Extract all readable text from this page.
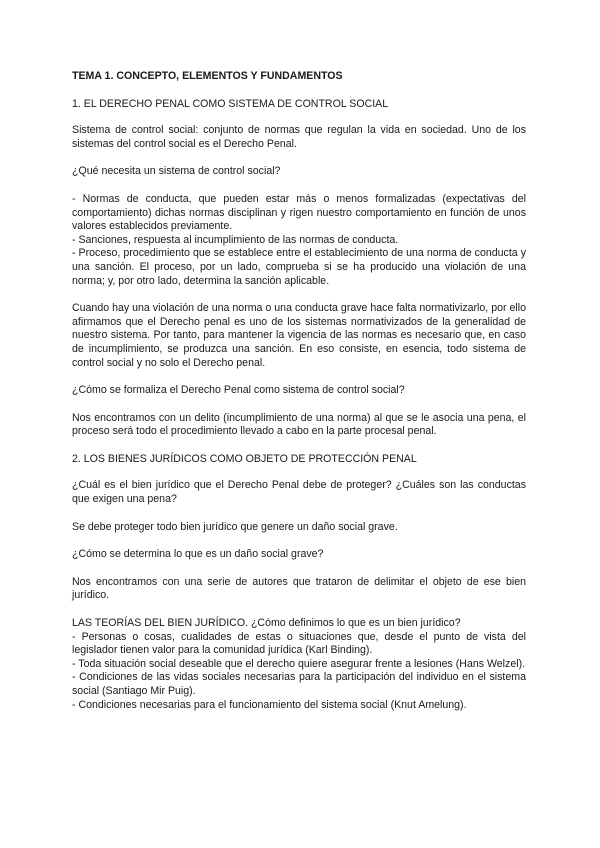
TEMA 1. CONCEPTO, ELEMENTOS Y FUNDAMENTOS

1. EL DERECHO PENAL COMO SISTEMA DE CONTROL SOCIAL

Sistema de control social: conjunto de normas que regulan la vida en sociedad. Uno de los sistemas del control social es el Derecho Penal.

¿Qué necesita un sistema de control social?

- Normas de conducta, que pueden estar más o menos formalizadas (expectativas del comportamiento) dichas normas disciplinan y rigen nuestro comportamiento en función de unos valores establecidos previamente.
- Sanciones, respuesta al incumplimiento de las normas de conducta.
- Proceso, procedimiento que se establece entre el establecimiento de una norma de conducta y una sanción. El proceso, por un lado, comprueba si se ha producido una violación de una norma; y, por otro lado, determina la sanción aplicable.

Cuando hay una violación de una norma o una conducta grave hace falta normativizarlo, por ello afirmamos que el Derecho penal es uno de los sistemas normativizados de la generalidad de nuestro sistema. Por tanto, para mantener la vigencia de las normas es necesario que, en caso de incumplimiento, se produzca una sanción. En eso consiste, en esencia, todo sistema de control social y no solo el Derecho penal.

¿Cómo se formaliza el Derecho Penal como sistema de control social?

Nos encontramos con un delito (incumplimiento de una norma) al que se le asocia una pena, el proceso será todo el procedimiento llevado a cabo en la parte procesal penal.

2. LOS BIENES JURÍDICOS COMO OBJETO DE PROTECCIÓN PENAL

¿Cuál es el bien jurídico que el Derecho Penal debe de proteger? ¿Cuáles son las conductas que exigen una pena?

Se debe proteger todo bien jurídico que genere un daño social grave.

¿Cómo se determina lo que es un daño social grave?

Nos encontramos con una serie de autores que trataron de delimitar el objeto de ese bien jurídico.

LAS TEORÍAS DEL BIEN JURÍDICO. ¿Cómo definimos lo que es un bien jurídico?
- Personas o cosas, cualidades de estas o situaciones que, desde el punto de vista del legislador tienen valor para la comunidad jurídica (Karl Binding).
- Toda situación social deseable que el derecho quiere asegurar frente a lesiones (Hans Welzel).
- Condiciones de las vidas sociales necesarias para la participación del individuo en el sistema social (Santiago Mir Puig).
- Condiciones necesarias para el funcionamiento del sistema social (Knut Amelung).
